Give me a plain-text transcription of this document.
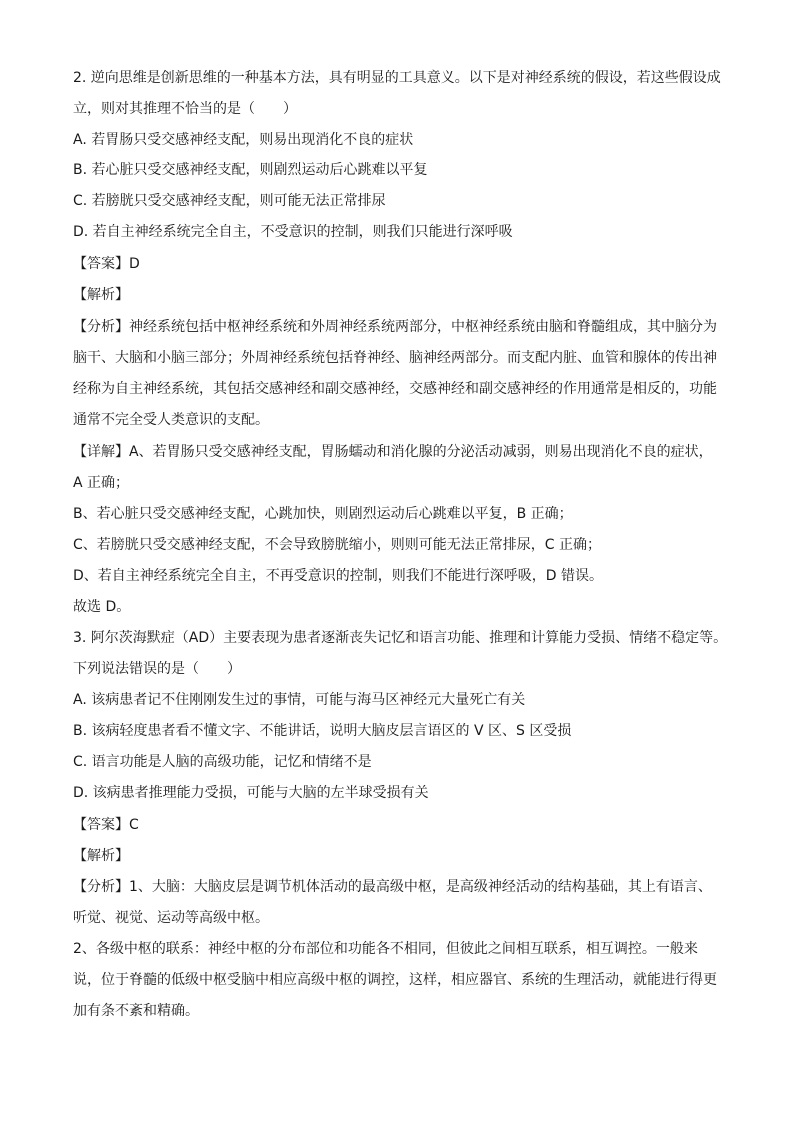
2. 逆向思维是创新思维的一种基本方法，具有明显的工具意义。以下是对神经系统的假设，若这些假设成
立，则对其推理不恰当的是（　　）
A. 若胃肠只受交感神经支配，则易出现消化不良的症状
B. 若心脏只受交感神经支配，则剧烈运动后心跳难以平复
C. 若膀胱只受交感神经支配，则可能无法正常排尿
D. 若自主神经系统完全自主，不受意识的控制，则我们只能进行深呼吸
【答案】D
【解析】
【分析】神经系统包括中枢神经系统和外周神经系统两部分，中枢神经系统由脑和脊髓组成，其中脑分为
脑干、大脑和小脑三部分；外周神经系统包括脊神经、脑神经两部分。而支配内脏、血管和腺体的传出神
经称为自主神经系统，其包括交感神经和副交感神经，交感神经和副交感神经的作用通常是相反的，功能
通常不完全受人类意识的支配。
【详解】A、若胃肠只受交感神经支配，胃肠蠕动和消化腺的分泌活动减弱，则易出现消化不良的症状，
A 正确；
B、若心脏只受交感神经支配，心跳加快，则剧烈运动后心跳难以平复，B 正确；
C、若膀胱只受交感神经支配，不会导致膀胱缩小，则则可能无法正常排尿，C 正确；
D、若自主神经系统完全自主，不再受意识的控制，则我们不能进行深呼吸，D 错误。
故选 D。
3. 阿尔茨海默症（AD）主要表现为患者逐渐丧失记忆和语言功能、推理和计算能力受损、情绪不稳定等。
下列说法错误的是（　　）
A. 该病患者记不住刚刚发生过的事情，可能与海马区神经元大量死亡有关
B. 该病轻度患者看不懂文字、不能讲话，说明大脑皮层言语区的 V 区、S 区受损
C. 语言功能是人脑的高级功能，记忆和情绪不是
D. 该病患者推理能力受损，可能与大脑的左半球受损有关
【答案】C
【解析】
【分析】1、大脑：大脑皮层是调节机体活动的最高级中枢，是高级神经活动的结构基础，其上有语言、
听觉、视觉、运动等高级中枢。
2、各级中枢的联系：神经中枢的分布部位和功能各不相同，但彼此之间相互联系，相互调控。一般来
说，位于脊髓的低级中枢受脑中相应高级中枢的调控，这样，相应器官、系统的生理活动，就能进行得更
加有条不紊和精确。
